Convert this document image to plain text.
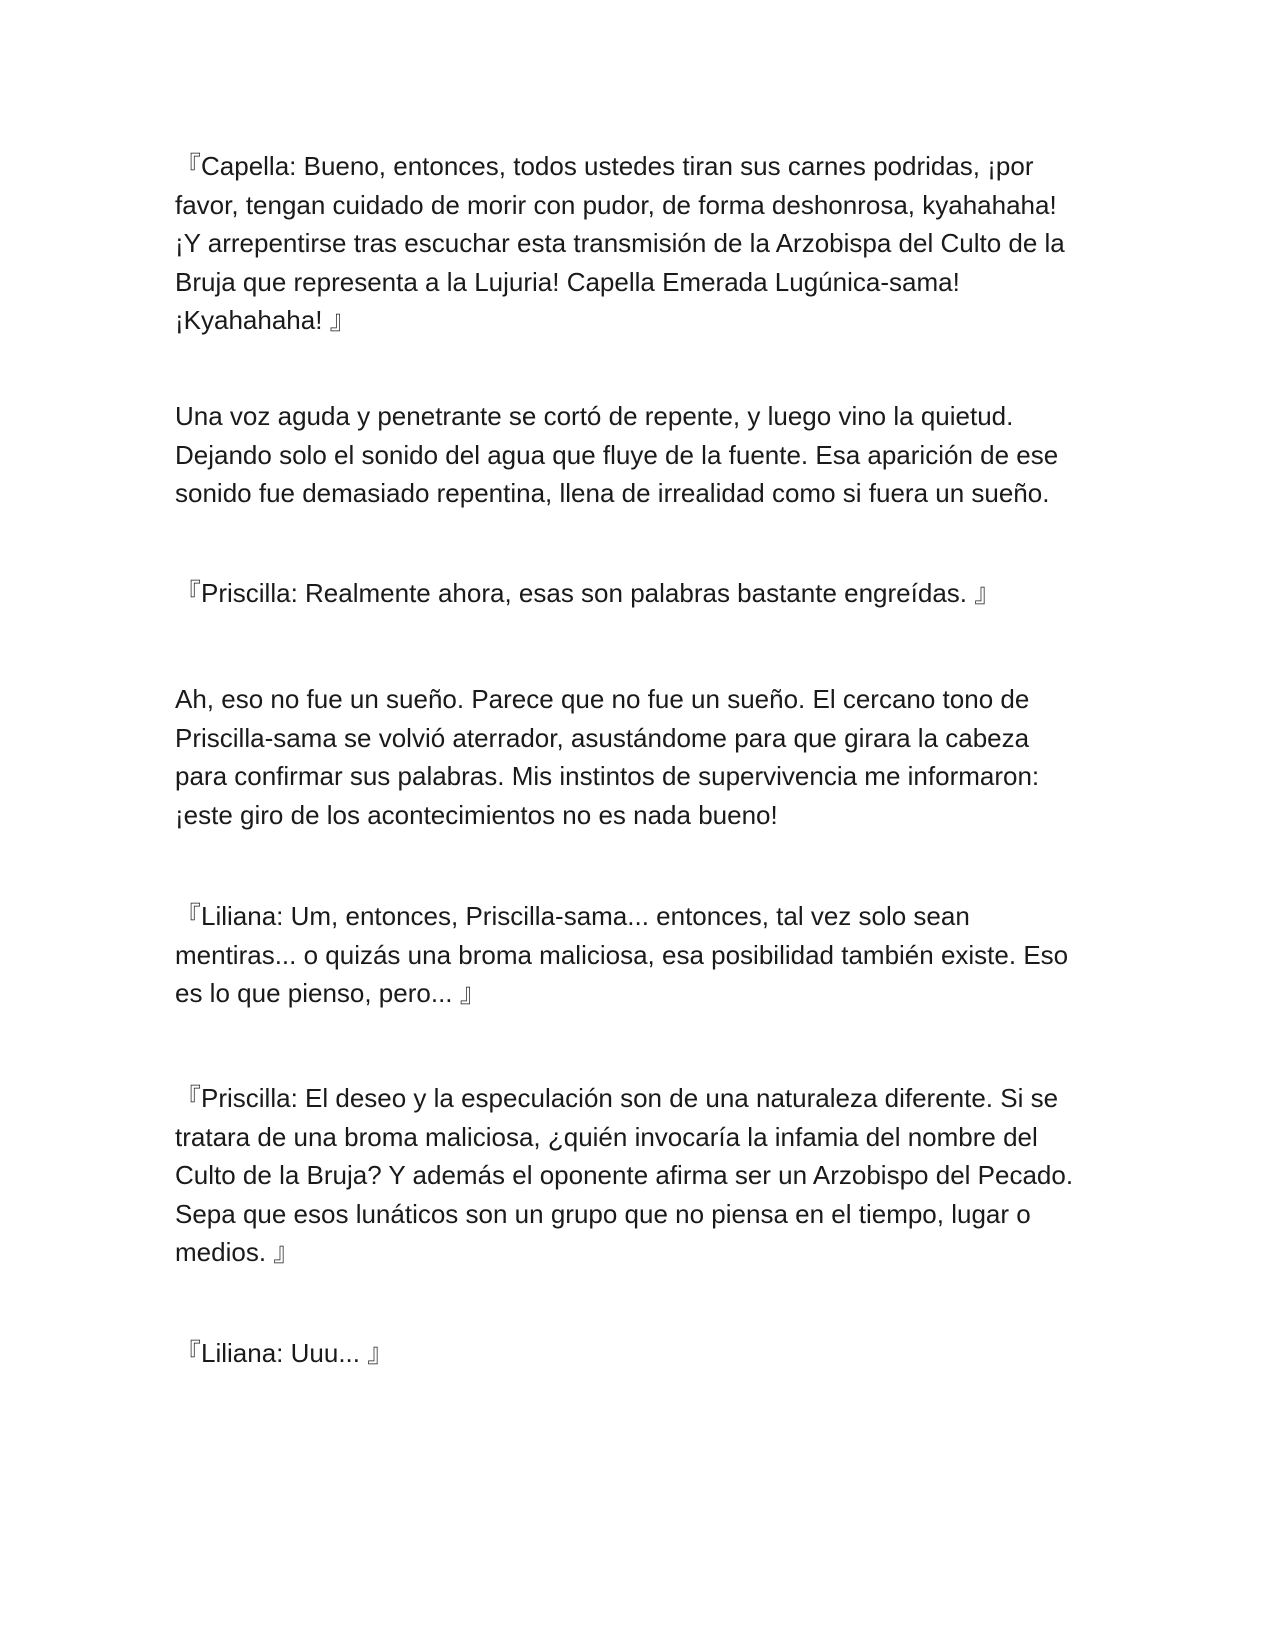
『Capella: Bueno, entonces, todos ustedes tiran sus carnes podridas, ¡por
favor, tengan cuidado de morir con pudor, de forma deshonrosa, kyahahaha!
¡Y arrepentirse tras escuchar esta transmisión de la Arzobispa del Culto de la
Bruja que representa a la Lujuria! Capella Emerada Lugúnica-sama!
¡Kyahahaha! 』

Una voz aguda y penetrante se cortó de repente, y luego vino la quietud.
Dejando solo el sonido del agua que fluye de la fuente. Esa aparición de ese
sonido fue demasiado repentina, llena de irrealidad como si fuera un sueño.

『Priscilla: Realmente ahora, esas son palabras bastante engreídas. 』

Ah, eso no fue un sueño. Parece que no fue un sueño. El cercano tono de
Priscilla-sama se volvió aterrador, asustándome para que girara la cabeza
para confirmar sus palabras. Mis instintos de supervivencia me informaron:
¡este giro de los acontecimientos no es nada bueno!

『Liliana: Um, entonces, Priscilla-sama... entonces, tal vez solo sean
mentiras... o quizás una broma maliciosa, esa posibilidad también existe. Eso
es lo que pienso, pero... 』

『Priscilla: El deseo y la especulación son de una naturaleza diferente. Si se
tratara de una broma maliciosa, ¿quién invocaría la infamia del nombre del
Culto de la Bruja? Y además el oponente afirma ser un Arzobispo del Pecado.
Sepa que esos lunáticos son un grupo que no piensa en el tiempo, lugar o
medios. 』

『Liliana: Uuu... 』
